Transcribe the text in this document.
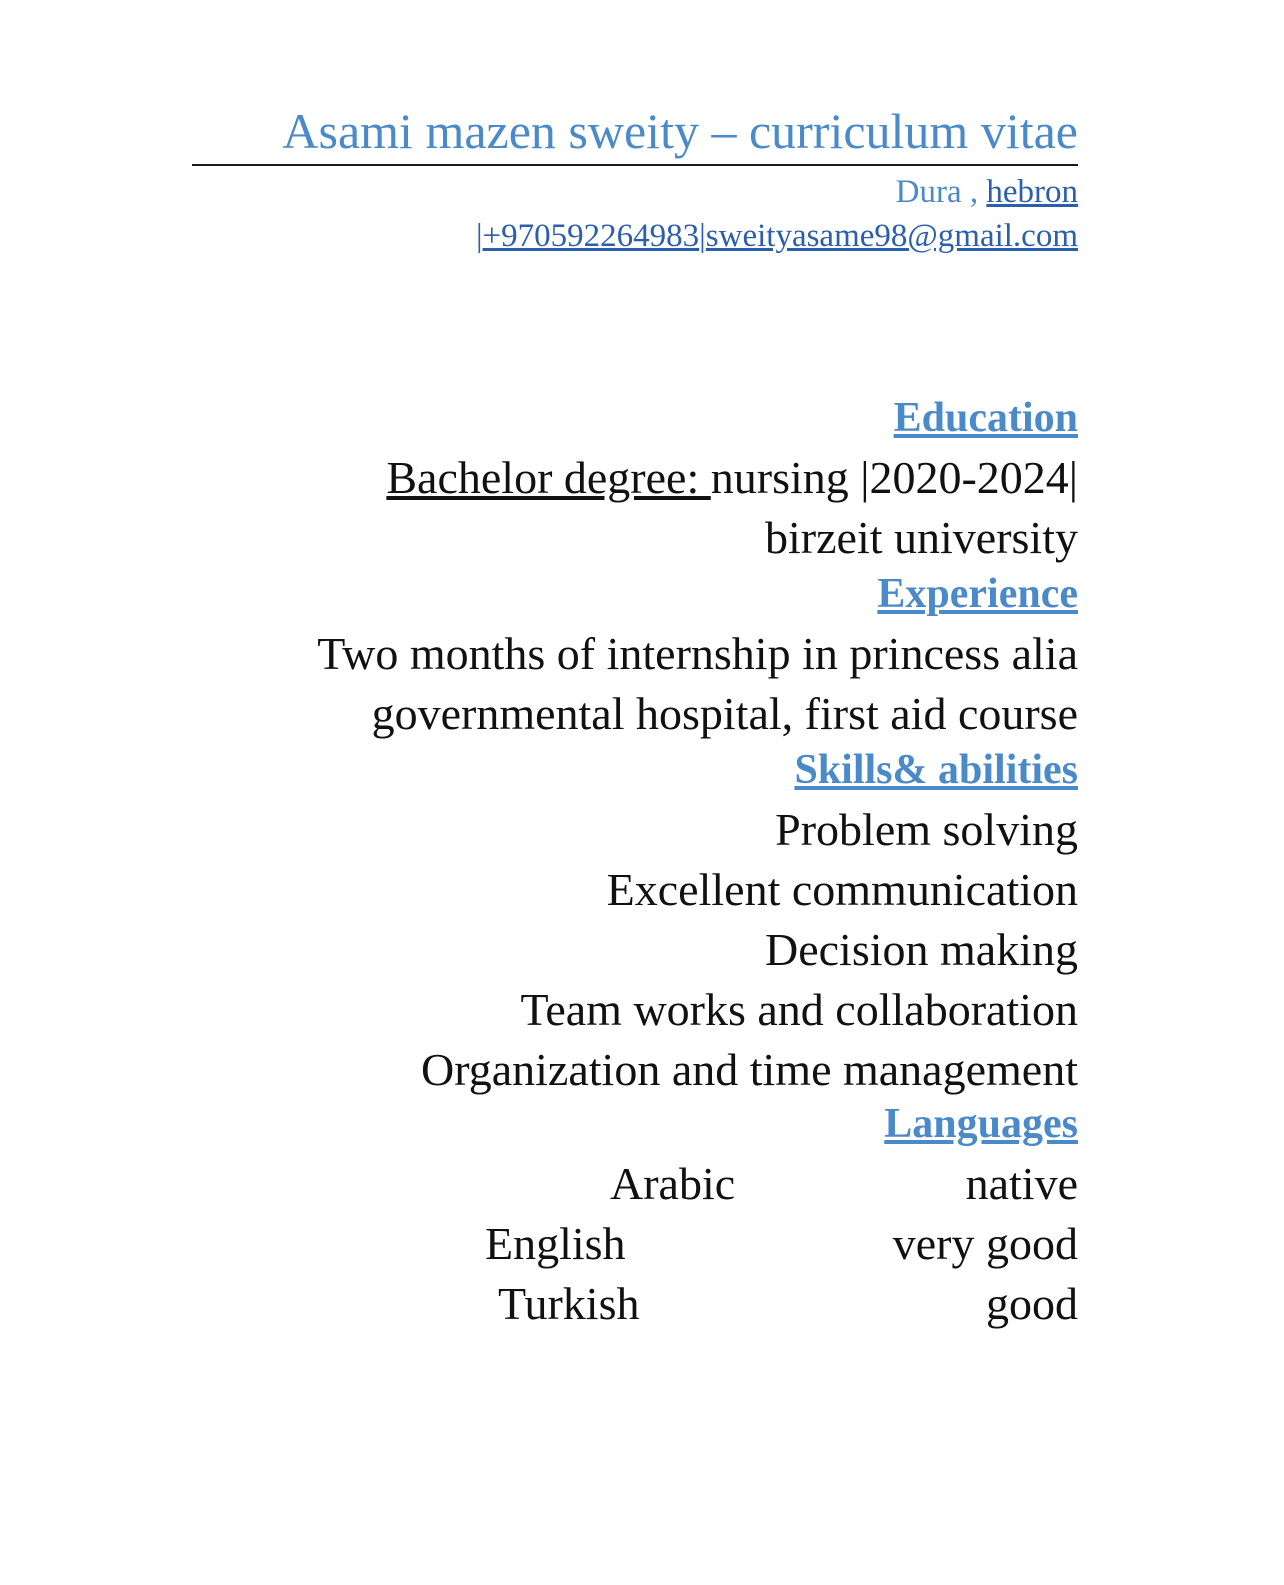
Asami mazen sweity – curriculum vitae
Dura , hebron
|+970592264983|sweityasame98@gmail.com
Education
Bachelor degree: nursing |2020-2024|
birzeit university
Experience
Two months of internship in princess alia
governmental hospital, first aid course
Skills& abilities
Problem solving
Excellent communication
Decision making
Team works and collaboration
Organization and time management
Languages
Arabic	native
English	very good
Turkish	good
